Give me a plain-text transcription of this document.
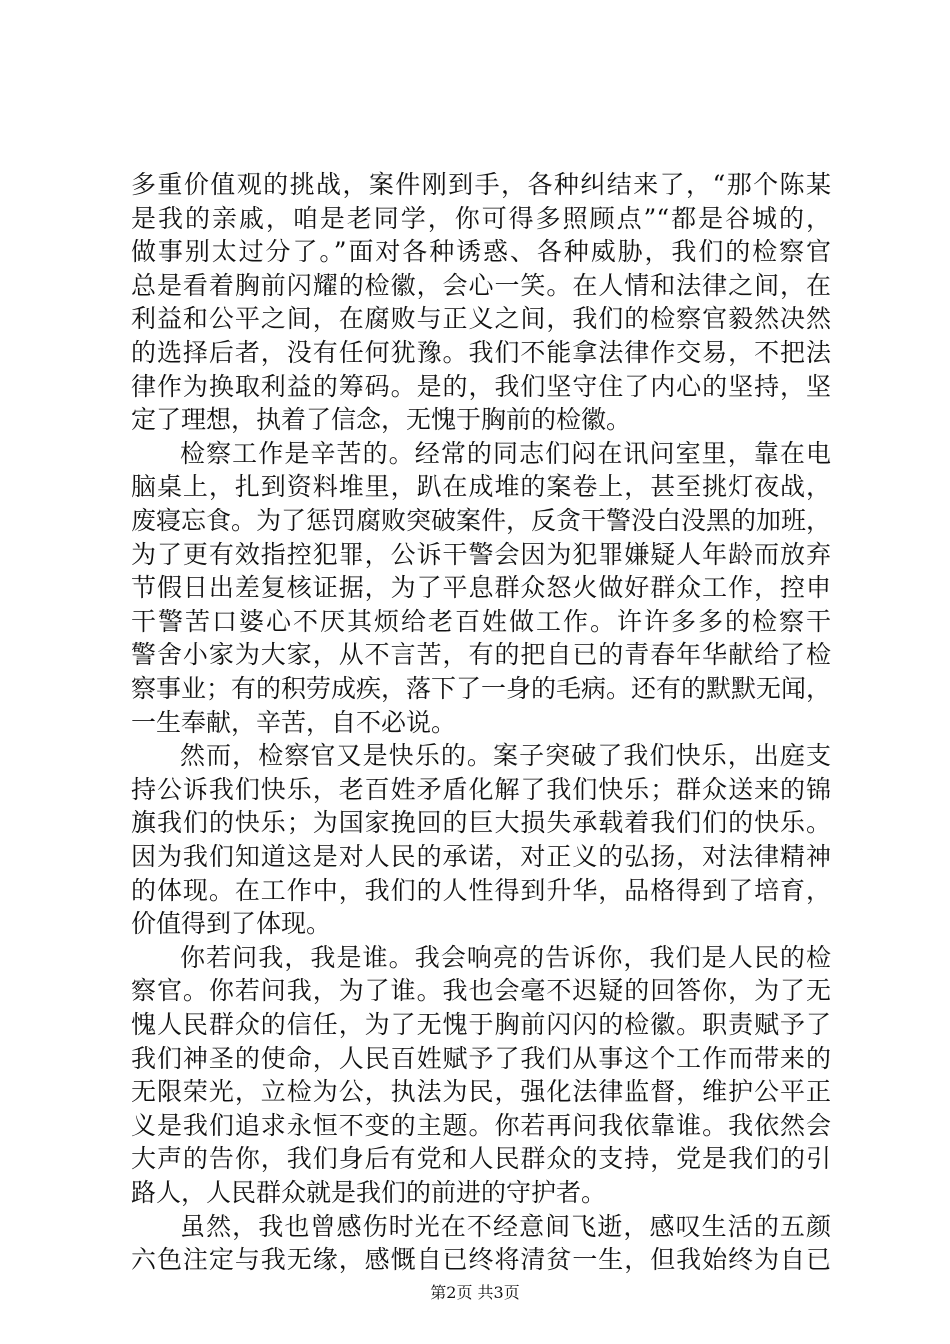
多重价值观的挑战，案件刚到手，各种纠结来了，“那个陈某
是我的亲戚，咱是老同学，你可得多照顾点”“都是谷城的，
做事别太过分了。”面对各种诱惑、各种威胁，我们的检察官
总是看着胸前闪耀的检徽，会心一笑。在人情和法律之间，在
利益和公平之间，在腐败与正义之间，我们的检察官毅然决然
的选择后者，没有任何犹豫。我们不能拿法律作交易，不把法
律作为换取利益的筹码。是的，我们坚守住了内心的坚持，坚
定了理想，执着了信念，无愧于胸前的检徽。
检察工作是辛苦的。经常的同志们闷在讯问室里，靠在电
脑桌上，扎到资料堆里，趴在成堆的案卷上，甚至挑灯夜战，
废寝忘食。为了惩罚腐败突破案件，反贪干警没白没黑的加班，
为了更有效指控犯罪，公诉干警会因为犯罪嫌疑人年龄而放弃
节假日出差复核证据，为了平息群众怒火做好群众工作，控申
干警苦口婆心不厌其烦给老百姓做工作。许许多多的检察干
警舍小家为大家，从不言苦，有的把自已的青春年华献给了检
察事业；有的积劳成疾，落下了一身的毛病。还有的默默无闻，
一生奉献，辛苦，自不必说。
然而，检察官又是快乐的。案子突破了我们快乐，出庭支
持公诉我们快乐，老百姓矛盾化解了我们快乐；群众送来的锦
旗我们的快乐；为国家挽回的巨大损失承载着我们们的快乐。
因为我们知道这是对人民的承诺，对正义的弘扬，对法律精神
的体现。在工作中，我们的人性得到升华，品格得到了培育，
价值得到了体现。
你若问我，我是谁。我会响亮的告诉你，我们是人民的检
察官。你若问我，为了谁。我也会毫不迟疑的回答你，为了无
愧人民群众的信任，为了无愧于胸前闪闪的检徽。职责赋予了
我们神圣的使命，人民百姓赋予了我们从事这个工作而带来的
无限荣光，立检为公，执法为民，强化法律监督，维护公平正
义是我们追求永恒不变的主题。你若再问我依靠谁。我依然会
大声的告你，我们身后有党和人民群众的支持，党是我们的引
第2页 共3页
路人，人民群众就是我们的前进的守护者。
虽然，我也曾感伤时光在不经意间飞逝，感叹生活的五颜
六色注定与我无缘，感慨自已终将清贫一生，但我始终为自已
